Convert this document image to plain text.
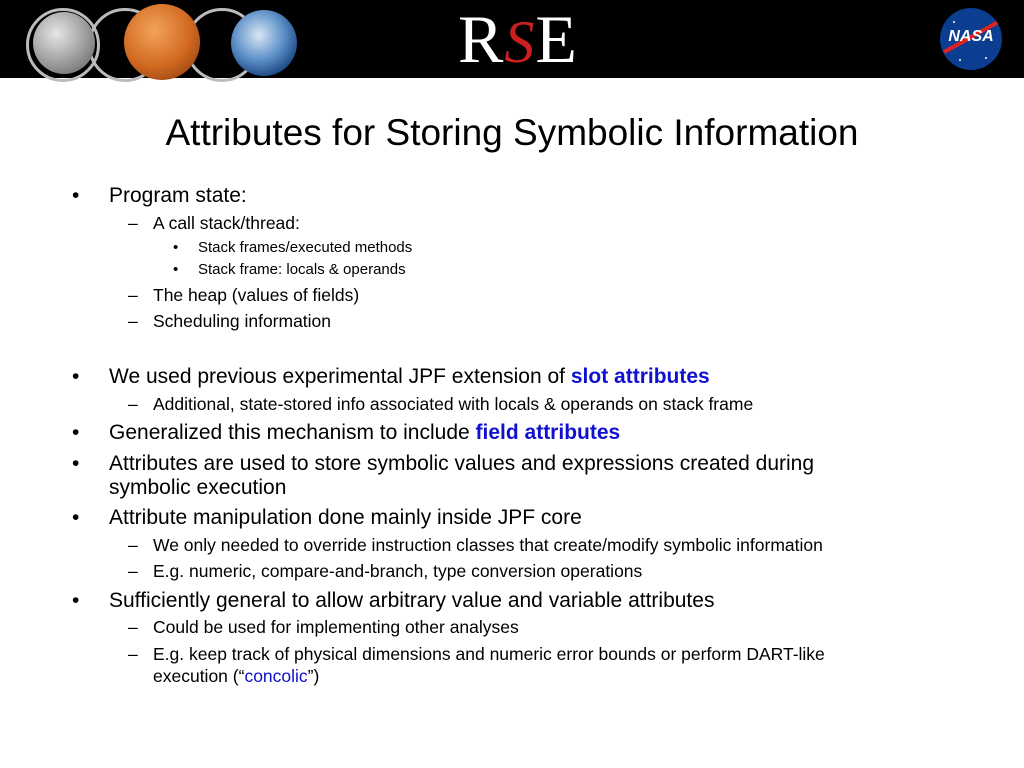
RSE	NASA
Attributes for Storing Symbolic Information
• Program state:
– A call stack/thread:
• Stack frames/executed methods
• Stack frame: locals & operands
– The heap (values of fields)
– Scheduling information
• We used previous experimental JPF extension of slot attributes
– Additional, state-stored info associated with locals & operands on stack frame
• Generalized this mechanism to include field attributes
• Attributes are used to store symbolic values and expressions created during
symbolic execution
• Attribute manipulation done mainly inside JPF core
– We only needed to override instruction classes that create/modify symbolic information
– E.g. numeric, compare-and-branch, type conversion operations
• Sufficiently general to allow arbitrary value and variable attributes
– Could be used for implementing other analyses
– E.g. keep track of physical dimensions and numeric error bounds or perform DART-like
execution (“concolic”)
